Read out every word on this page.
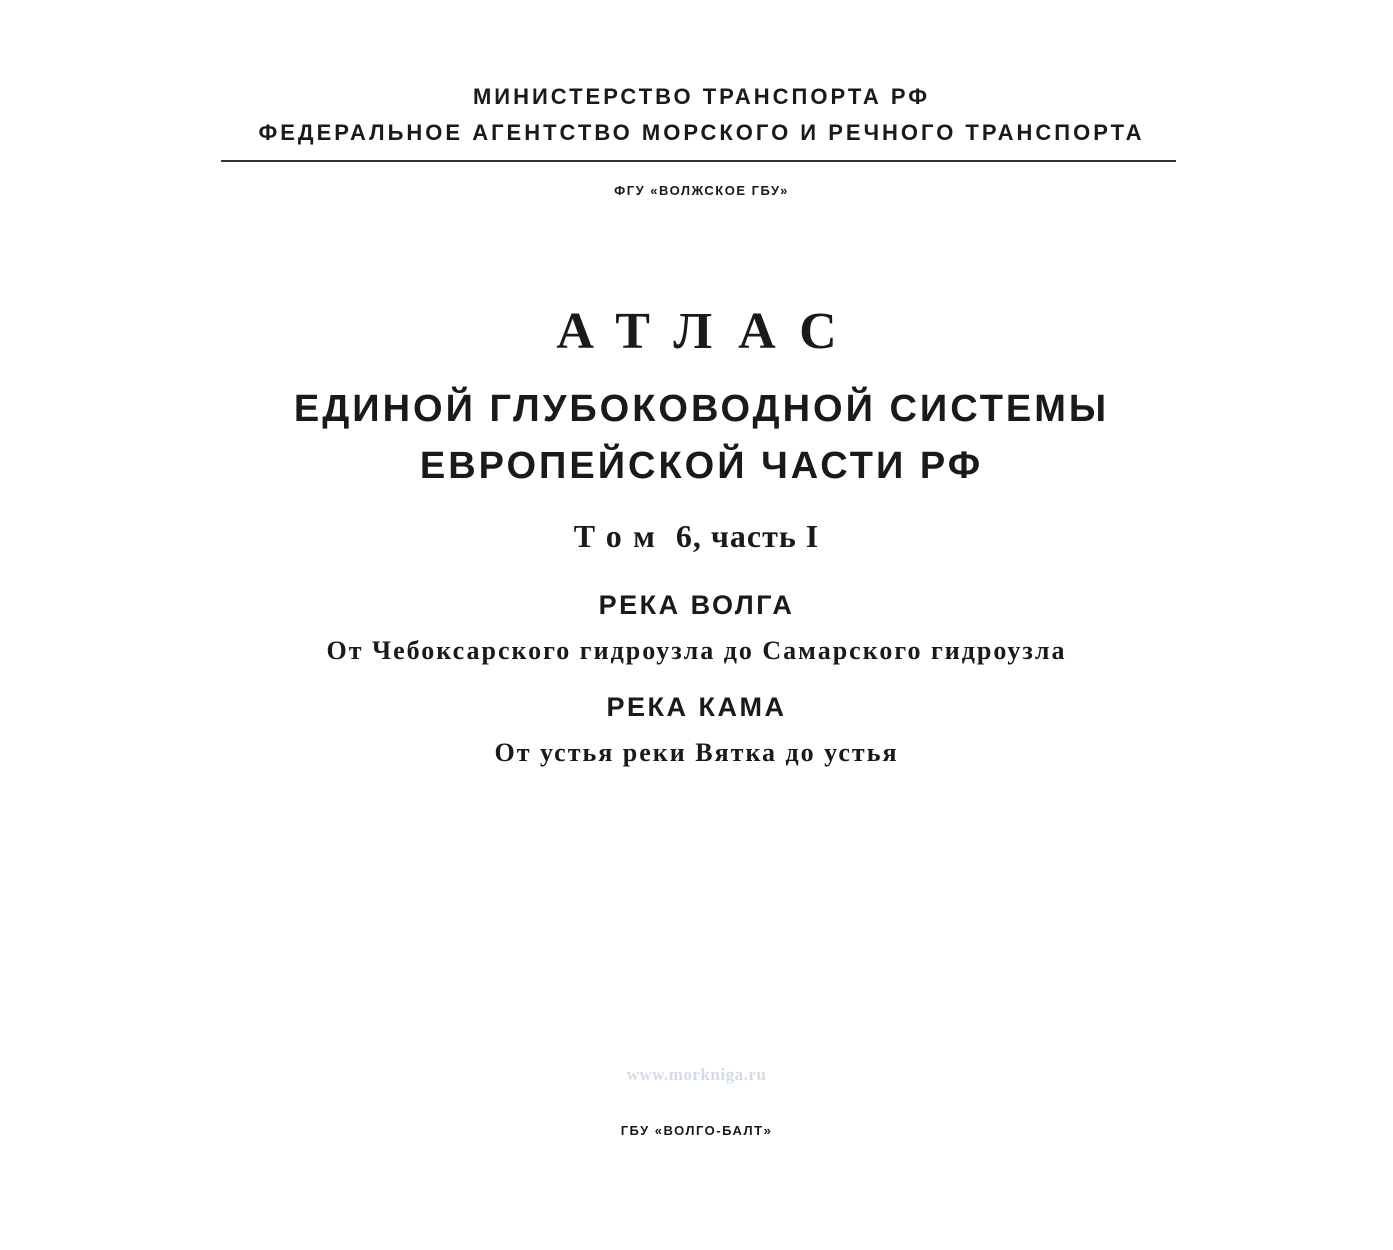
МИНИСТЕРСТВО ТРАНСПОРТА РФ
ФЕДЕРАЛЬНОЕ АГЕНТСТВО МОРСКОГО И РЕЧНОГО ТРАНСПОРТА
ФГУ «ВОЛЖСКОЕ ГБУ»
АТЛАС
ЕДИНОЙ ГЛУБОКОВОДНОЙ СИСТЕМЫ
ЕВРОПЕЙСКОЙ ЧАСТИ РФ
Том 6, часть I
РЕКА ВОЛГА
От Чебоксарского гидроузла до Самарского гидроузла
РЕКА КАМА
От устья реки Вятка до устья
www.morkniga.ru
ГБУ «ВОЛГО-БАЛТ»
